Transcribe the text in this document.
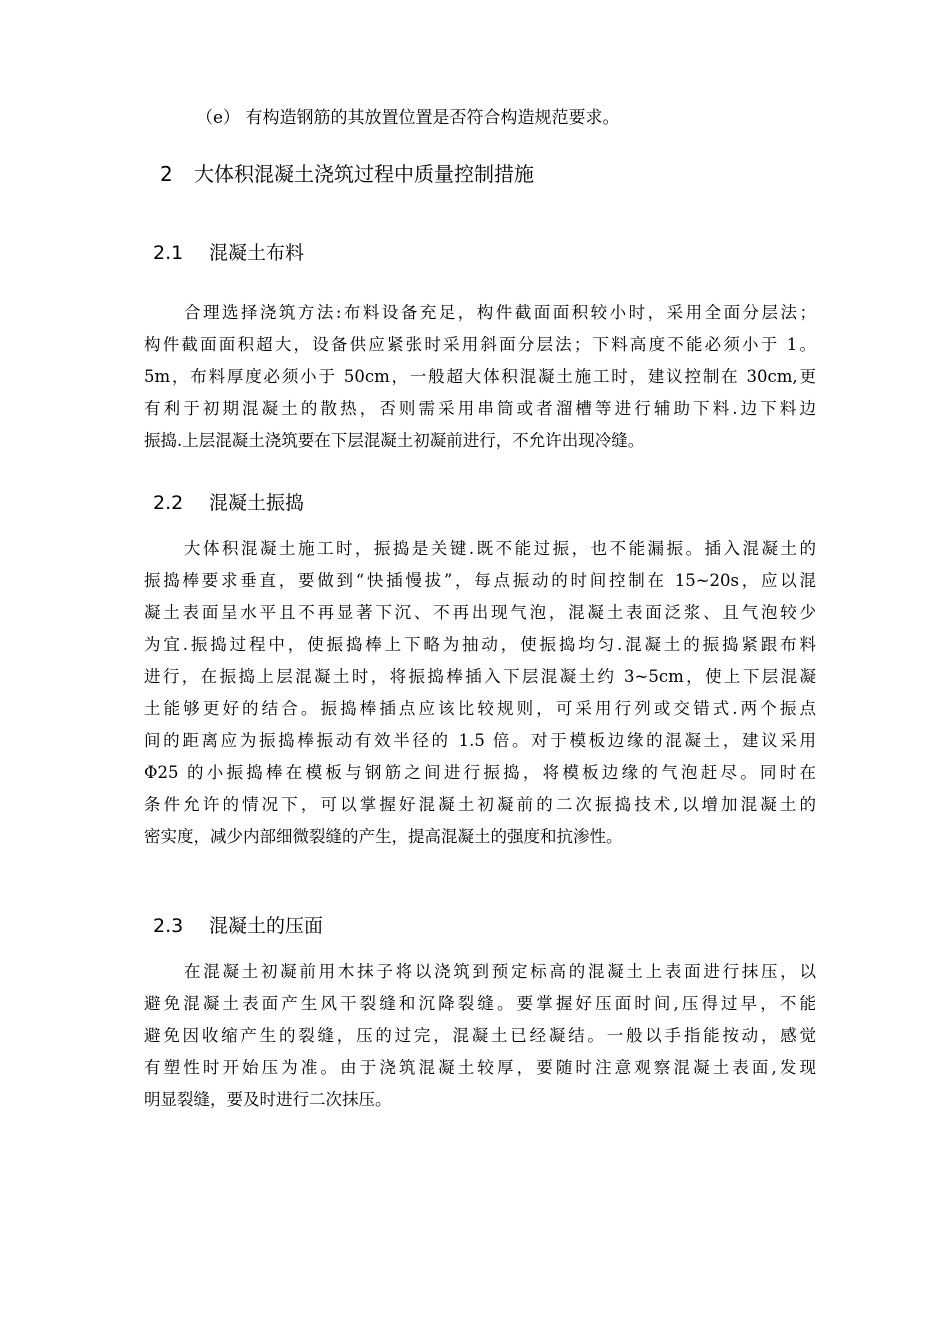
（e） 有构造钢筋的其放置位置是否符合构造规范要求。
2 大体积混凝土浇筑过程中质量控制措施
2.1 混凝土布料
合理选择浇筑方法:布料设备充足，构件截面面积较小时，采用全面分层法；
构件截面面积超大，设备供应紧张时采用斜面分层法；下料高度不能必须小于 1。
5m，布料厚度必须小于 50cm，一般超大体积混凝土施工时，建议控制在 30cm,更
有利于初期混凝土的散热，否则需采用串筒或者溜槽等进行辅助下料.边下料边
振捣.上层混凝土浇筑要在下层混凝土初凝前进行，不允许出现冷缝。
2.2 混凝土振捣
大体积混凝土施工时，振捣是关键.既不能过振，也不能漏振。插入混凝土的
振捣棒要求垂直，要做到“快插慢拔”，每点振动的时间控制在 15~20s，应以混
凝土表面呈水平且不再显著下沉、不再出现气泡，混凝土表面泛浆、且气泡较少
为宜.振捣过程中，使振捣棒上下略为抽动，使振捣均匀.混凝土的振捣紧跟布料
进行，在振捣上层混凝土时，将振捣棒插入下层混凝土约 3~5cm，使上下层混凝
土能够更好的结合。振捣棒插点应该比较规则，可采用行列或交错式.两个振点
间的距离应为振捣棒振动有效半径的 1.5 倍。对于模板边缘的混凝土，建议采用
Φ25 的小振捣棒在模板与钢筋之间进行振捣，将模板边缘的气泡赶尽。同时在
条件允许的情况下，可以掌握好混凝土初凝前的二次振捣技术,以增加混凝土的
密实度，减少内部细微裂缝的产生，提高混凝土的强度和抗渗性。
2.3 混凝土的压面
在混凝土初凝前用木抹子将以浇筑到预定标高的混凝土上表面进行抹压，以
避免混凝土表面产生风干裂缝和沉降裂缝。要掌握好压面时间,压得过早，不能
避免因收缩产生的裂缝，压的过完，混凝土已经凝结。一般以手指能按动，感觉
有塑性时开始压为准。由于浇筑混凝土较厚，要随时注意观察混凝土表面,发现
明显裂缝，要及时进行二次抹压。
